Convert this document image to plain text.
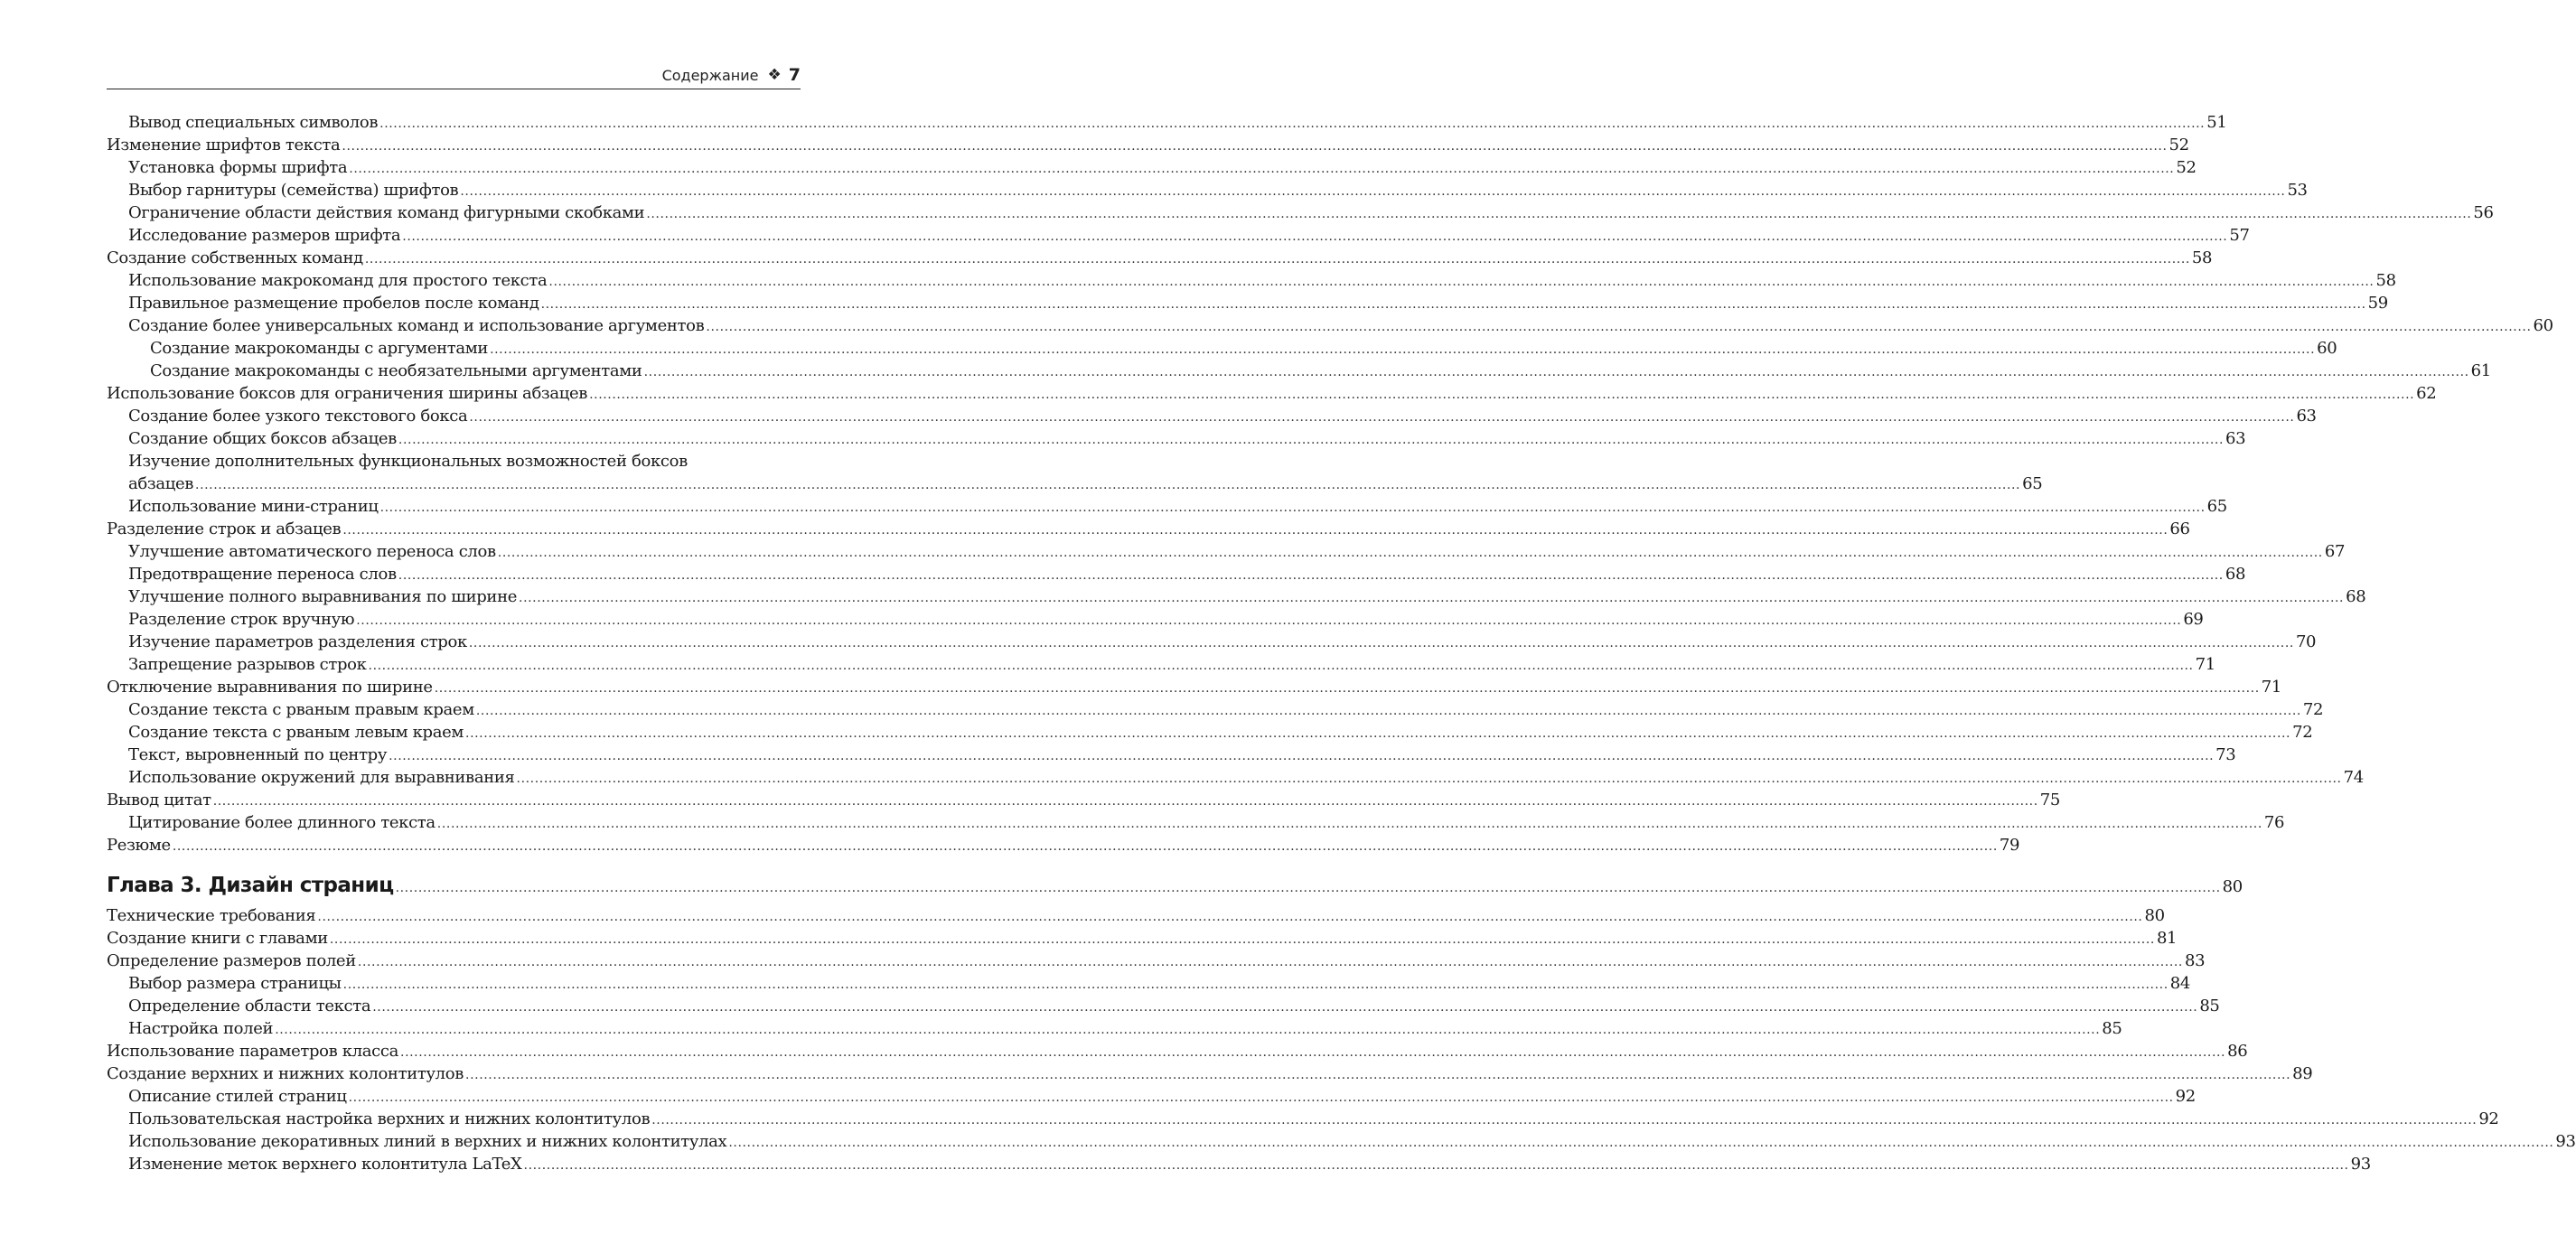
Содержание ❖ 7
Вывод специальных символов ................................................................................................................................................................................................................................................................................................................................................................................................................ 51
Изменение шрифтов текста ................................................................................................................................................................................................................................................................................................................................................................................................................ 52
Установка формы шрифта ................................................................................................................................................................................................................................................................................................................................................................................................................ 52
Выбор гарнитуры (семейства) шрифтов ................................................................................................................................................................................................................................................................................................................................................................................................................ 53
Ограничение области действия команд фигурными скобками ................................................................................................................................................................................................................................................................................................................................................................................................................ 56
Исследование размеров шрифта ................................................................................................................................................................................................................................................................................................................................................................................................................ 57
Создание собственных команд ................................................................................................................................................................................................................................................................................................................................................................................................................ 58
Использование макрокоманд для простого текста ................................................................................................................................................................................................................................................................................................................................................................................................................ 58
Правильное размещение пробелов после команд ................................................................................................................................................................................................................................................................................................................................................................................................................ 59
Создание более универсальных команд и использование аргументов ................................................................................................................................................................................................................................................................................................................................................................................................................ 60
Создание макрокоманды с аргументами ................................................................................................................................................................................................................................................................................................................................................................................................................ 60
Создание макрокоманды с необязательными аргументами ................................................................................................................................................................................................................................................................................................................................................................................................................ 61
Использование боксов для ограничения ширины абзацев ................................................................................................................................................................................................................................................................................................................................................................................................................ 62
Создание более узкого текстового бокса ................................................................................................................................................................................................................................................................................................................................................................................................................ 63
Создание общих боксов абзацев ................................................................................................................................................................................................................................................................................................................................................................................................................ 63
Изучение дополнительных функциональных возможностей боксов
абзацев ................................................................................................................................................................................................................................................................................................................................................................................................................ 65
Использование мини-страниц ................................................................................................................................................................................................................................................................................................................................................................................................................ 65
Разделение строк и абзацев ................................................................................................................................................................................................................................................................................................................................................................................................................ 66
Улучшение автоматического переноса слов ................................................................................................................................................................................................................................................................................................................................................................................................................ 67
Предотвращение переноса слов ................................................................................................................................................................................................................................................................................................................................................................................................................ 68
Улучшение полного выравнивания по ширине ................................................................................................................................................................................................................................................................................................................................................................................................................ 68
Разделение строк вручную ................................................................................................................................................................................................................................................................................................................................................................................................................ 69
Изучение параметров разделения строк ................................................................................................................................................................................................................................................................................................................................................................................................................ 70
Запрещение разрывов строк ................................................................................................................................................................................................................................................................................................................................................................................................................ 71
Отключение выравнивания по ширине ................................................................................................................................................................................................................................................................................................................................................................................................................ 71
Создание текста с рваным правым краем ................................................................................................................................................................................................................................................................................................................................................................................................................ 72
Создание текста с рваным левым краем ................................................................................................................................................................................................................................................................................................................................................................................................................ 72
Текст, выровненный по центру ................................................................................................................................................................................................................................................................................................................................................................................................................ 73
Использование окружений для выравнивания ................................................................................................................................................................................................................................................................................................................................................................................................................ 74
Вывод цитат ................................................................................................................................................................................................................................................................................................................................................................................................................ 75
Цитирование более длинного текста ................................................................................................................................................................................................................................................................................................................................................................................................................ 76
Резюме ................................................................................................................................................................................................................................................................................................................................................................................................................ 79
Глава 3. Дизайн страниц ................................................................................................................................................................................................................................................................................................................................................................................................................ 80
Технические требования ................................................................................................................................................................................................................................................................................................................................................................................................................ 80
Создание книги с главами ................................................................................................................................................................................................................................................................................................................................................................................................................ 81
Определение размеров полей ................................................................................................................................................................................................................................................................................................................................................................................................................ 83
Выбор размера страницы ................................................................................................................................................................................................................................................................................................................................................................................................................ 84
Определение области текста ................................................................................................................................................................................................................................................................................................................................................................................................................ 85
Настройка полей ................................................................................................................................................................................................................................................................................................................................................................................................................ 85
Использование параметров класса ................................................................................................................................................................................................................................................................................................................................................................................................................ 86
Создание верхних и нижних колонтитулов ................................................................................................................................................................................................................................................................................................................................................................................................................ 89
Описание стилей страниц ................................................................................................................................................................................................................................................................................................................................................................................................................ 92
Пользовательская настройка верхних и нижних колонтитулов ................................................................................................................................................................................................................................................................................................................................................................................................................ 92
Использование декоративных линий в верхних и нижних колонтитулах ................................................................................................................................................................................................................................................................................................................................................................................................................ 93
Изменение меток верхнего колонтитула LaTeX ................................................................................................................................................................................................................................................................................................................................................................................................................ 93
